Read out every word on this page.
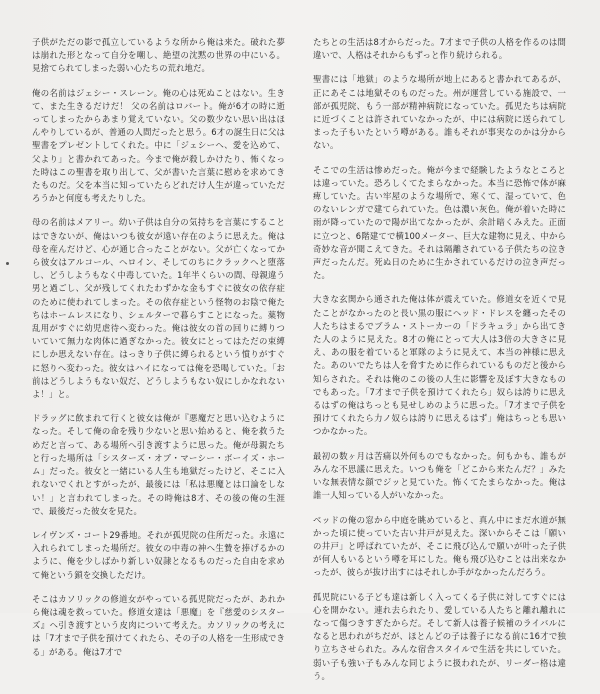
子供がただの影で孤立しているような所から俺は来た。破れた夢は崩れた形となって自分を嘲し、絶望の沈黙の世界の中にいる。見捨てられてしまった弱い心たちの荒れ地だ。

俺の名前はジェシー・スレーン。俺の心は死ぬことはない。生きて、また生きるだけだ！ 父の名前はロバート。俺が6才の時に逝ってしまったからあまり覚えていない。父の数少ない思い出はほんやりしているが、普通の人間だったと思う。6才の誕生日に父は聖書をプレゼントしてくれた。中に「ジェシーへ、愛を込めて、父より」と書かれてあった。今まで俺が殺しかけたり、怖くなった時はこの聖書を取り出して、父が書いた言葉に慰めを求めてきたものだ。父を本当に知っていたらどれだけ人生が違っていただろうかと何度も考えたりした。

母の名前はメアリー。幼い子供は自分の気持ちを言葉にすることはできないが、俺はいつも彼女が遠い存在のように思えた。俺は母を産んだけど、心が通じ合ったことがない。父が亡くなってから彼女はアルコール、ヘロイン、そしてのちにクラックへと堕落し、どうしようもなく中毒していた。1年半くらいの間、母親違う男と過ごし、父が残してくれたわずかな金もすぐに彼女の依存症のために使われてしまった。その依存症という怪物のお陰で俺たちはホームレスになり、シェルターで暮らすことになった。薬物乱用がすぐに幼児虐待へ変わった。俺は彼女の首の回りに縛りついていて無力な肉体に過ぎなかった。彼女にとってはただの束縛にしか思えない存在。はっきり子供に縛られるという憤りがすぐに怒りへ変わった。彼女はハイになっては俺を恐喝していた。「お前はどうしようもない奴だ、どうしようもない奴にしかなれないよ！」と。

ドラッグに飲まれて行くと彼女は俺が『悪魔だと思い込むようになった。そして俺の命を残り少ないと思い始めると、俺を救うためだと言って、ある場所へ引き渡すように思った。俺が母親たちと行った場所は「シスターズ・オブ・マーシー・ボーイズ・ホーム」だった。彼女と一緒にいる人生も地獄だったけど、そこに入れないでくれとすがったが、最後には「私は悪魔とは口論をしない！」と言われてしまった。その時俺は8才、その後の俺の生涯で、最後だった彼女を見た。

レイヴンズ・コート29番地。それが孤児院の住所だった。永遠に入れられてしまった場所だ。彼女の中毒の神へ生贄を捧げるかのように、俺を少しばかり新しい奴隷となるものだった自由を求めて俺という鎖を交換しただけ。

そこはカソリックの修道女がやっている孤児院だったが、あれから俺は魂を救っていた。修道女達は「悪魔」を『慈愛のシスターズ』へ引き渡すという皮肉について考えた。カソリックの考えには「7才まで子供を預けてくれたら、その子の人格を一生形成できる」がある。俺は7才で

たちとの生活は8才からだった。7才まで子供の人格を作るのは間違いで、人格はそれからもずっと作り続けられる。

聖書には「地獄」のような場所が地上にあると書かれてあるが、正にあそこは地獄そのものだった。州が運営している施設で、一部が孤児院、もう一部が精神病院になっていた。孤児たちは病院に近づくことは許されていなかったが、中には病院に送られてしまった子もいたという噂がある。誰もそれが事実なのかは分からない。

そこでの生活は惨めだった。俺が今まで経験したようなところとは違っていた。恐ろしくてたまらなかった。本当に恐怖で体が麻痺していた。古い牢屋のような場所で、寒くて、湿っていて、色のないレンガで建てられていた。色は濃い灰色。俺が着いた時に雨が降っていたので陽が出てなかったが、余計暗くみえた。正面に立つと、6階建てで横100メーター、巨大な建物に見え、中から奇妙な音が聞こえてきた。それは隔離されている子供たちの泣き声だったんだ。死ぬ日のために生かされているだけの泣き声だった。

大きな玄関から通された俺は体が震えていた。修道女を近くで見たことがなかったのと長い黒の服にヘッド・ドレスを纏ったその人たちはまるでブラム・ストーカーの「ドラキュラ」から出てきた人のように見えた。8才の俺にとって大人は3倍の大きさに見え、あの服を着ていると軍隊のように見えて、本当の神様に思えた。あのいでたちは人を脅すために作られているものだと後から知らされた。それは俺のこの後の人生に影響を及ぼす大きなものでもあった。「7才まで子供を預けてくれたら」奴らは誇りに思えるはずの俺はちっとも見せしめのように思った。「7才まで子供を預けてくれたら力ノ奴らは誇りに思えるはず」俺はちっとも思いつかなかった。

最初の数ヶ月は苦痛以外何ものでもなかった。何もかも、誰もがみんな不思議に思えた。いつも俺を「どこから来たんだ？」みたいな無表情な顔でジッと見ていた。怖くてたまらなかった。俺は誰一人知っている人がいなかった。

ベッドの俺の窓から中庭を眺めていると、真ん中にまだ水道が無かった頃に使っていた古い井戸が見えた。深いからそこは「願いの井戸」と呼ばれていたが、そこに飛び込んで願いが叶った子供が何人もいるという噂を耳にした。俺も飛び込むことは出来なかったが、彼らが抜け出すにはそれしか手がなかったんだろう。

孤児院にいる子ども達は新しく入ってくる子供に対してすぐには心を開かない。連れ去られたり、愛している人たちと離れ離れになって傷つきすぎたからだ。そして新人は養子候補のライバルになると思われがちだが、ほとんどの子は養子になる前に16才で独り立ちさせられた。みんな宿舎スタイルで生活を共にしていた。弱い子も強い子もみんな同じように扱われたが、リーダー格は違う。
